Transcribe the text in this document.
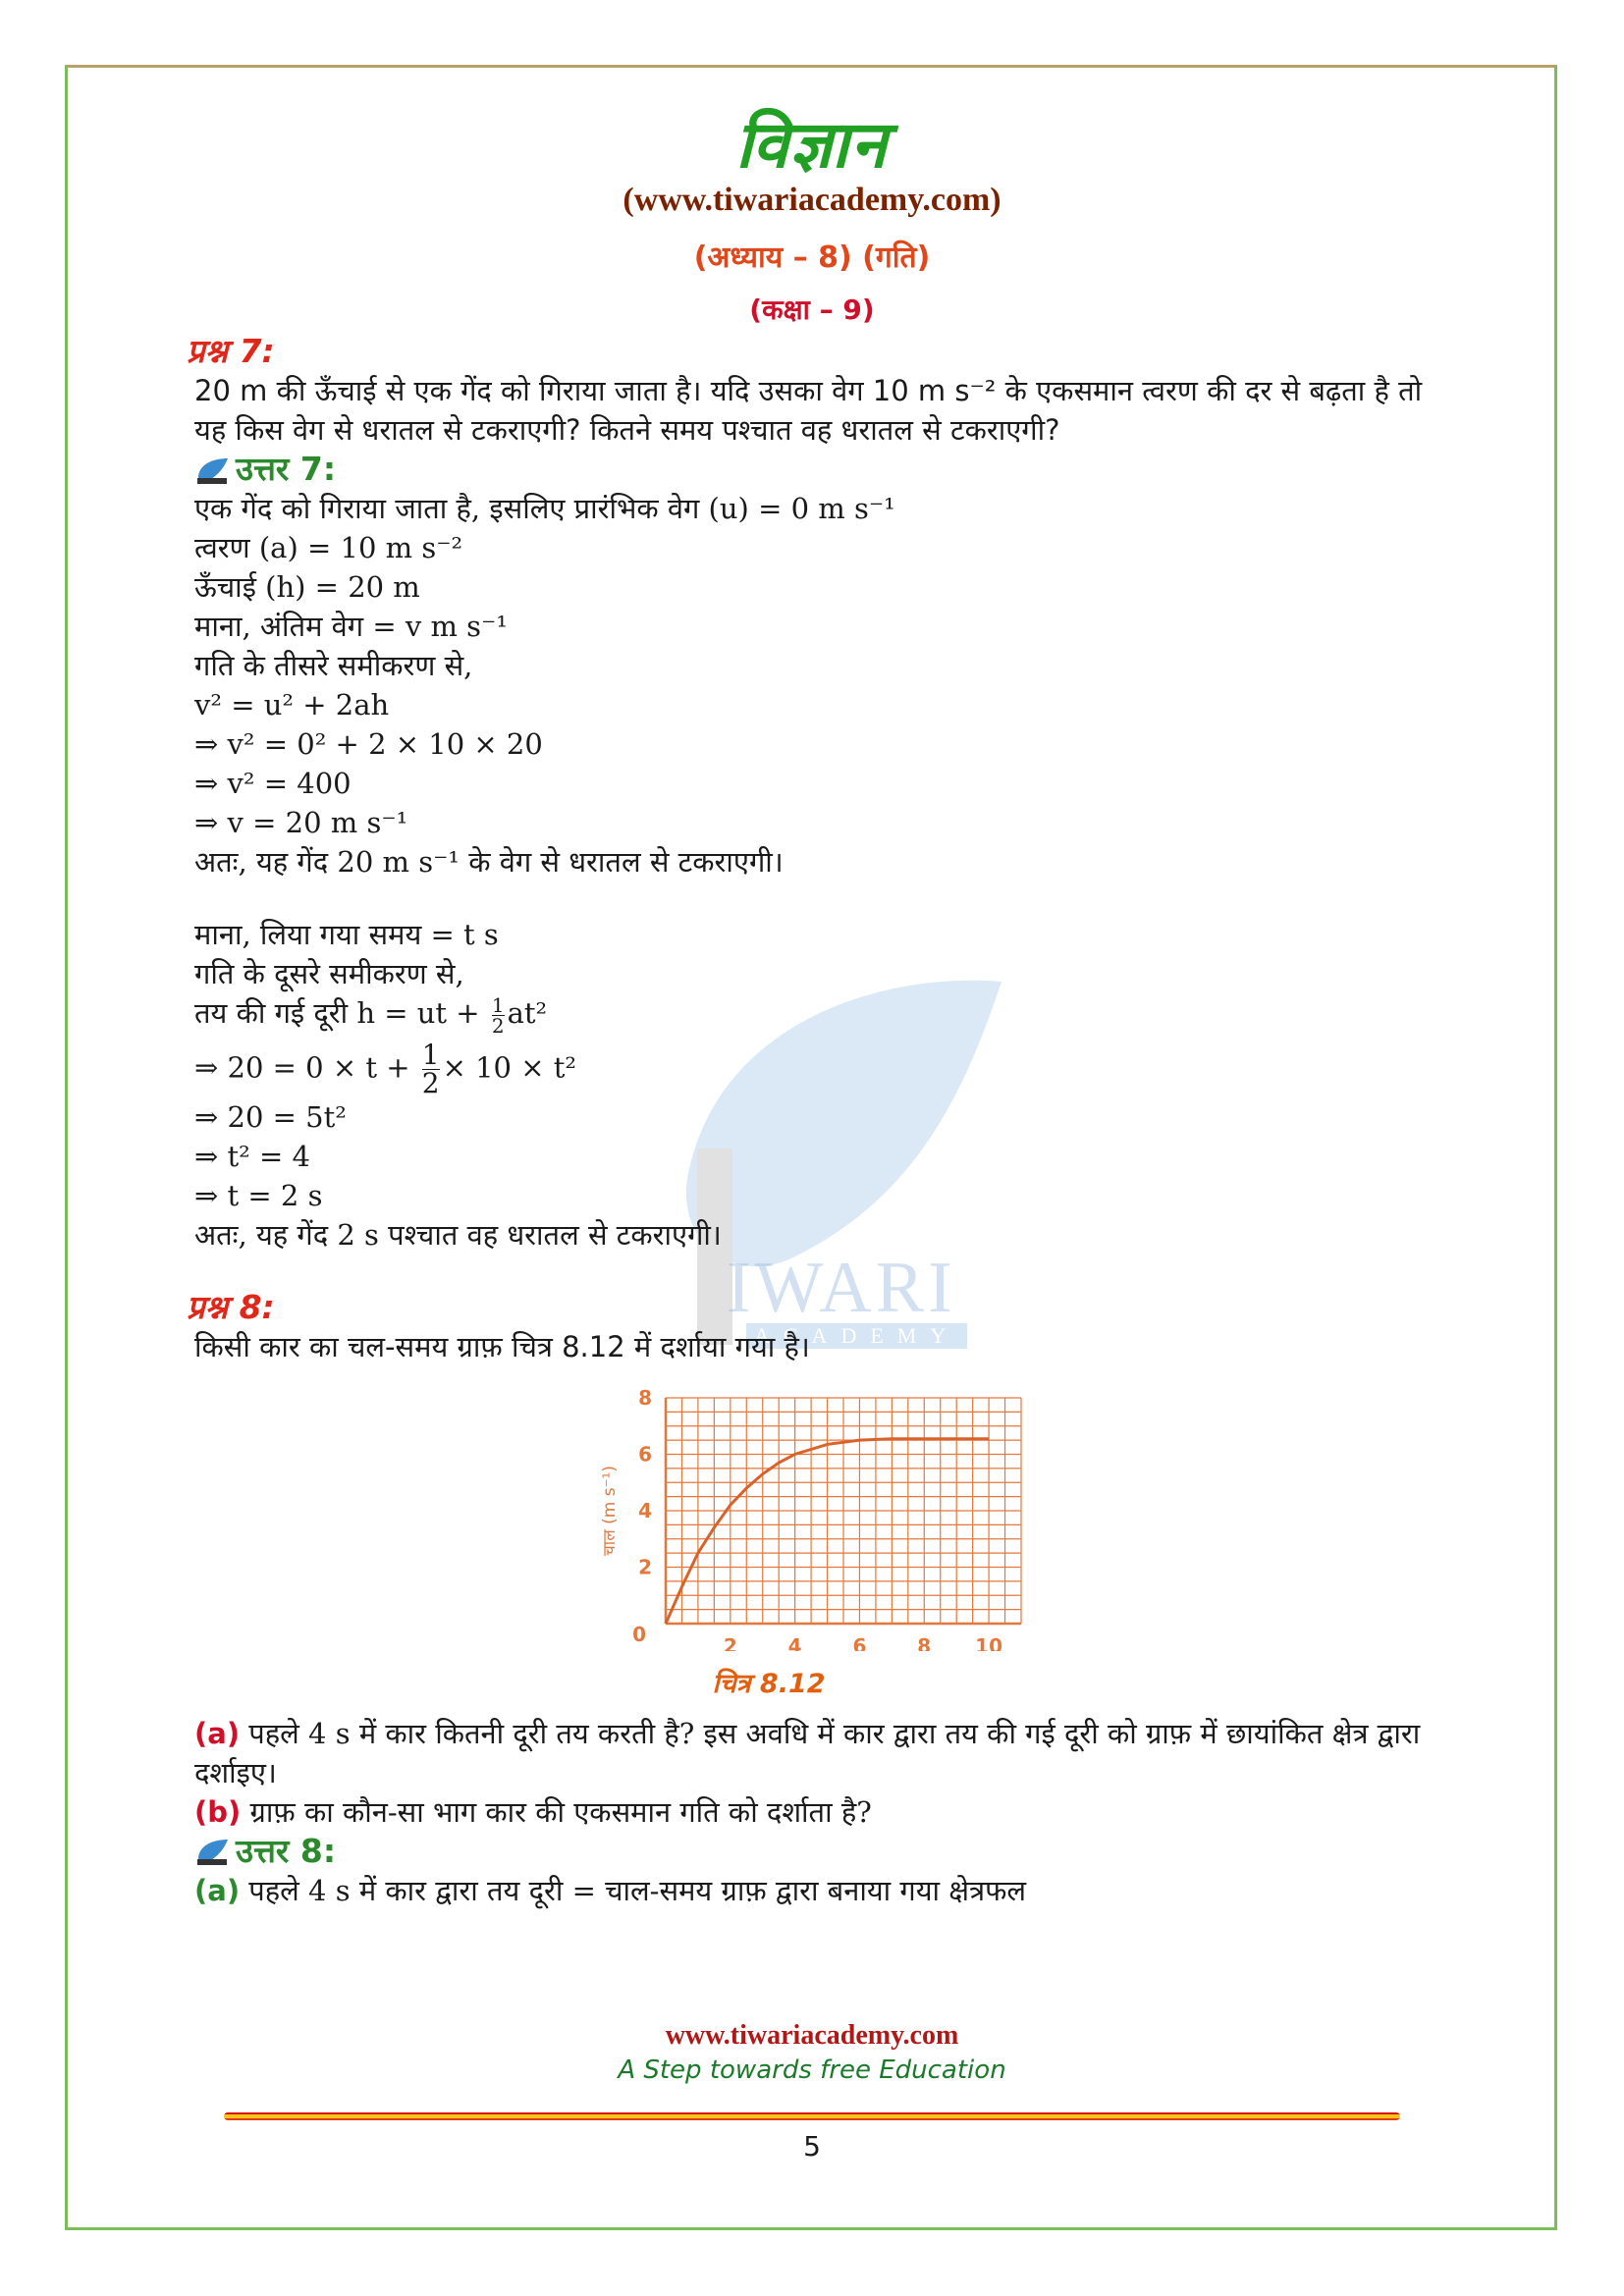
विज्ञान
(www.tiwariacademy.com)
(अध्याय – 8) (गति)
(कक्षा – 9)
IWARI
ACADEMY
प्रश्न 7:
20 m की ऊँचाई से एक गेंद को गिराया जाता है। यदि उसका वेग 10 m s⁻² के एकसमान त्वरण की दर से बढ़ता है तो यह किस वेग से धरातल से टकराएगी? कितने समय पश्चात वह धरातल से टकराएगी?
उत्तर 7:
एक गेंद को गिराया जाता है, इसलिए प्रारंभिक वेग (u) = 0 m s⁻¹
त्वरण (a) = 10 m s⁻²
ऊँचाई (h) = 20 m
माना, अंतिम वेग = v m s⁻¹
गति के तीसरे समीकरण से,
v² = u² + 2ah
⇒ v² = 0² + 2 × 10 × 20
⇒ v² = 400
⇒ v = 20 m s⁻¹
अतः, यह गेंद 20 m s⁻¹ के वेग से धरातल से टकराएगी।
माना, लिया गया समय = t s
गति के दूसरे समीकरण से,
तय की गई दूरी h = ut + $\frac{1}{2} at^2$
⇒ $20 = 0 \times t + \frac{1}{2} \times 10 \times t^2$
⇒ 20 = 5t²
⇒ t² = 4
⇒ t = 2 s
अतः, यह गेंद 2 s पश्चात वह धरातल से टकराएगी।
प्रश्न 8:
किसी कार का चल-समय ग्राफ़ चित्र 8.12 में दर्शाया गया है।
2	4	6	8 10
2
4
6
8
0
चाल (m s⁻¹)
चित्र 8.12
(a) पहले 4 s में कार कितनी दूरी तय करती है? इस अवधि में कार द्वारा तय की गई दूरी को ग्राफ़ में छायांकित क्षेत्र द्वारा दर्शाइए।
(b) ग्राफ़ का कौन-सा भाग कार की एकसमान गति को दर्शाता है?
उत्तर 8:
(a) पहले 4 s में कार द्वारा तय दूरी = चाल-समय ग्राफ़ द्वारा बनाया गया क्षेत्रफल
www.tiwariacademy.com
A Step towards free Education
5
